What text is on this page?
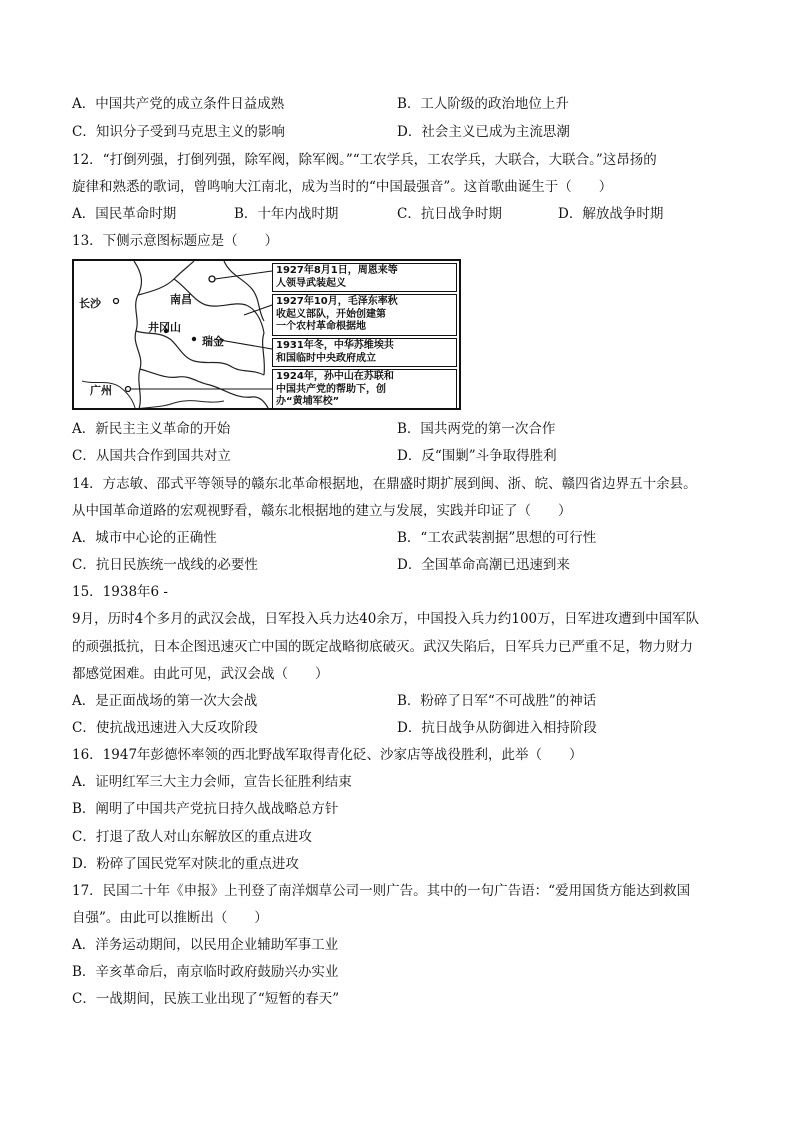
A．中国共产党的成立条件日益成熟	B．工人阶级的政治地位上升
C．知识分子受到马克思主义的影响	D．社会主义已成为主流思潮
12．“打倒列强，打倒列强，除军阀，除军阀。”“工农学兵，工农学兵，大联合，大联合。”这昂扬的
旋律和熟悉的歌词，曾鸣响大江南北，成为当时的“中国最强音”。这首歌曲诞生于（　　）
A．国民革命时期	B．十年内战时期	C．抗日战争时期	D．解放战争时期
13．下侧示意图标题应是（　　）
南昌
长沙
井冈山
瑞金
广州
1927年8月1日，周恩来等
人领导武装起义
1927年10月，毛泽东率秋
收起义部队，开始创建第
一个农村革命根据地
1931年冬，中华苏维埃共
和国临时中央政府成立
1924年，孙中山在苏联和
中国共产党的帮助下，创
办“黄埔军校”
A．新民主主义革命的开始	B．国共两党的第一次合作
C．从国共合作到国共对立	D．反“围剿”斗争取得胜利
14．方志敏、邵式平等领导的赣东北革命根据地，在鼎盛时期扩展到闽、浙、皖、赣四省边界五十余县。
从中国革命道路的宏观视野看，赣东北根据地的建立与发展，实践并印证了（　　）
A．城市中心论的正确性	B．“工农武装割据”思想的可行性
C．抗日民族统一战线的必要性	D．全国革命高潮已迅速到来
15．1938年6 -
9月，历时4个多月的武汉会战，日军投入兵力达40余万，中国投入兵力约100万，日军进攻遭到中国军队
的顽强抵抗，日本企图迅速灭亡中国的既定战略彻底破灭。武汉失陷后，日军兵力已严重不足，物力财力
都感觉困难。由此可见，武汉会战（　　）
A．是正面战场的第一次大会战	B．粉碎了日军“不可战胜”的神话
C．使抗战迅速进入大反攻阶段	D．抗日战争从防御进入相持阶段
16．1947年彭德怀率领的西北野战军取得青化砭、沙家店等战役胜利，此举（　　）
A．证明红军三大主力会师，宣告长征胜利结束
B．阐明了中国共产党抗日持久战战略总方针
C．打退了敌人对山东解放区的重点进攻
D．粉碎了国民党军对陕北的重点进攻
17．民国二十年《申报》上刊登了南洋烟草公司一则广告。其中的一句广告语：“爱用国货方能达到救国
自强”。由此可以推断出（　　）
A．洋务运动期间，以民用企业辅助军事工业
B．辛亥革命后，南京临时政府鼓励兴办实业
C．一战期间，民族工业出现了“短暂的春天”
